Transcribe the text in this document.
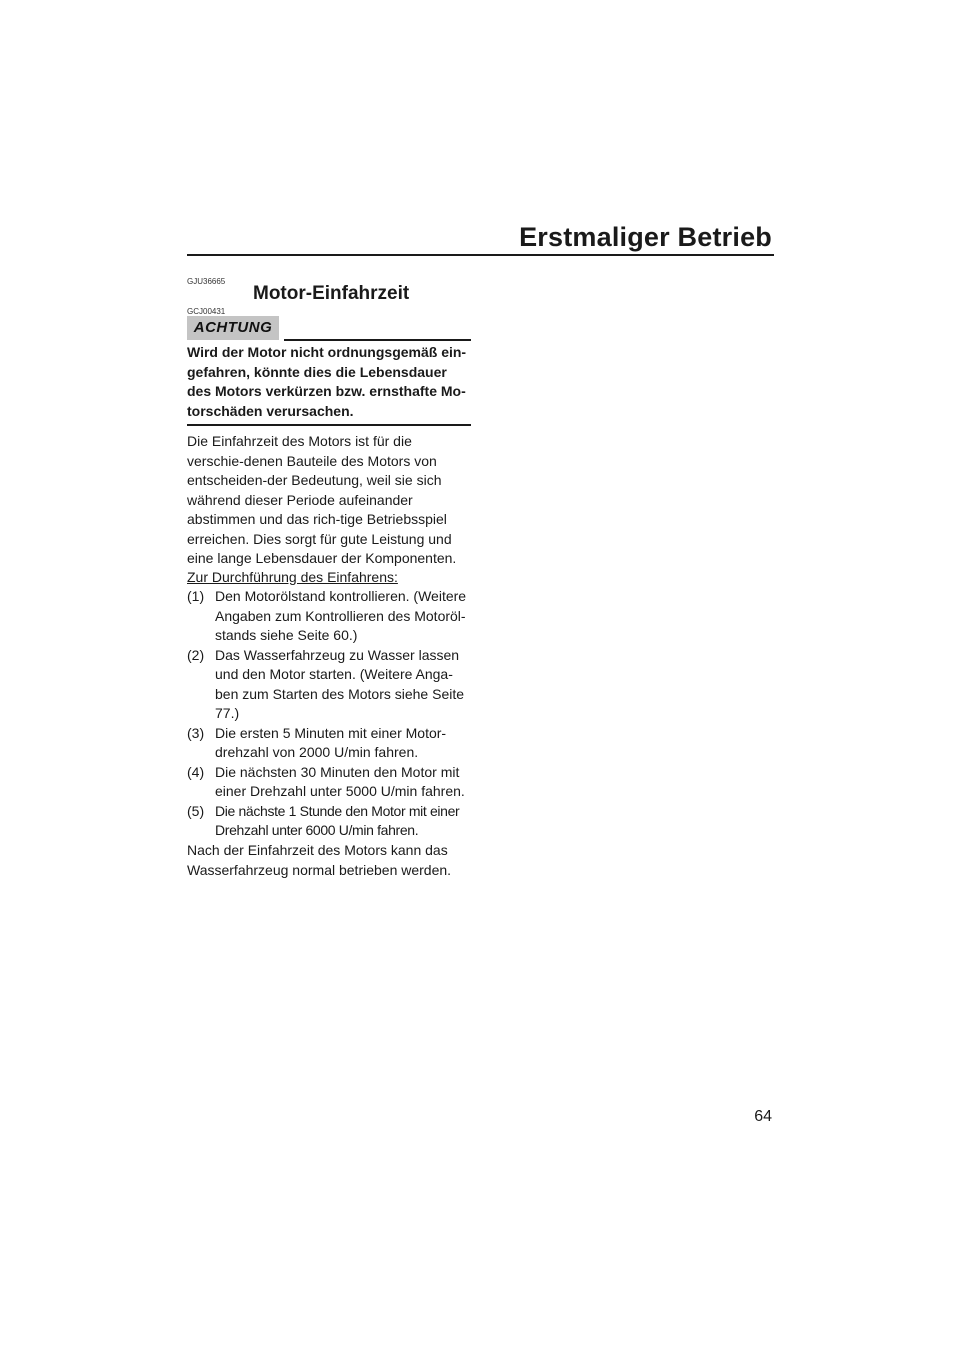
Erstmaliger Betrieb
GJU36665
Motor-Einfahrzeit
GCJ00431
ACHTUNG

Wird der Motor nicht ordnungsgemäß ein-gefahren, könnte dies die Lebensdauer des Motors verkürzen bzw. ernsthafte Mo-torschäden verursachen.

Die Einfahrzeit des Motors ist für die verschie-denen Bauteile des Motors von entscheiden-der Bedeutung, weil sie sich während dieser Periode aufeinander abstimmen und das rich-tige Betriebsspiel erreichen. Dies sorgt für gute Leistung und eine lange Lebensdauer der Komponenten.

Zur Durchführung des Einfahrens:

(1) Den Motorölstand kontrollieren. (Weitere Angaben zum Kontrollieren des Motoröl-stands siehe Seite 60.)
(2) Das Wasserfahrzeug zu Wasser lassen und den Motor starten. (Weitere Anga-ben zum Starten des Motors siehe Seite 77.)
(3) Die ersten 5 Minuten mit einer Motor-drehzahl von 2000 U/min fahren.
(4) Die nächsten 30 Minuten den Motor mit einer Drehzahl unter 5000 U/min fahren.
(5) Die nächste 1 Stunde den Motor mit einer Drehzahl unter 6000 U/min fahren.

Nach der Einfahrzeit des Motors kann das Wasserfahrzeug normal betrieben werden.

64
